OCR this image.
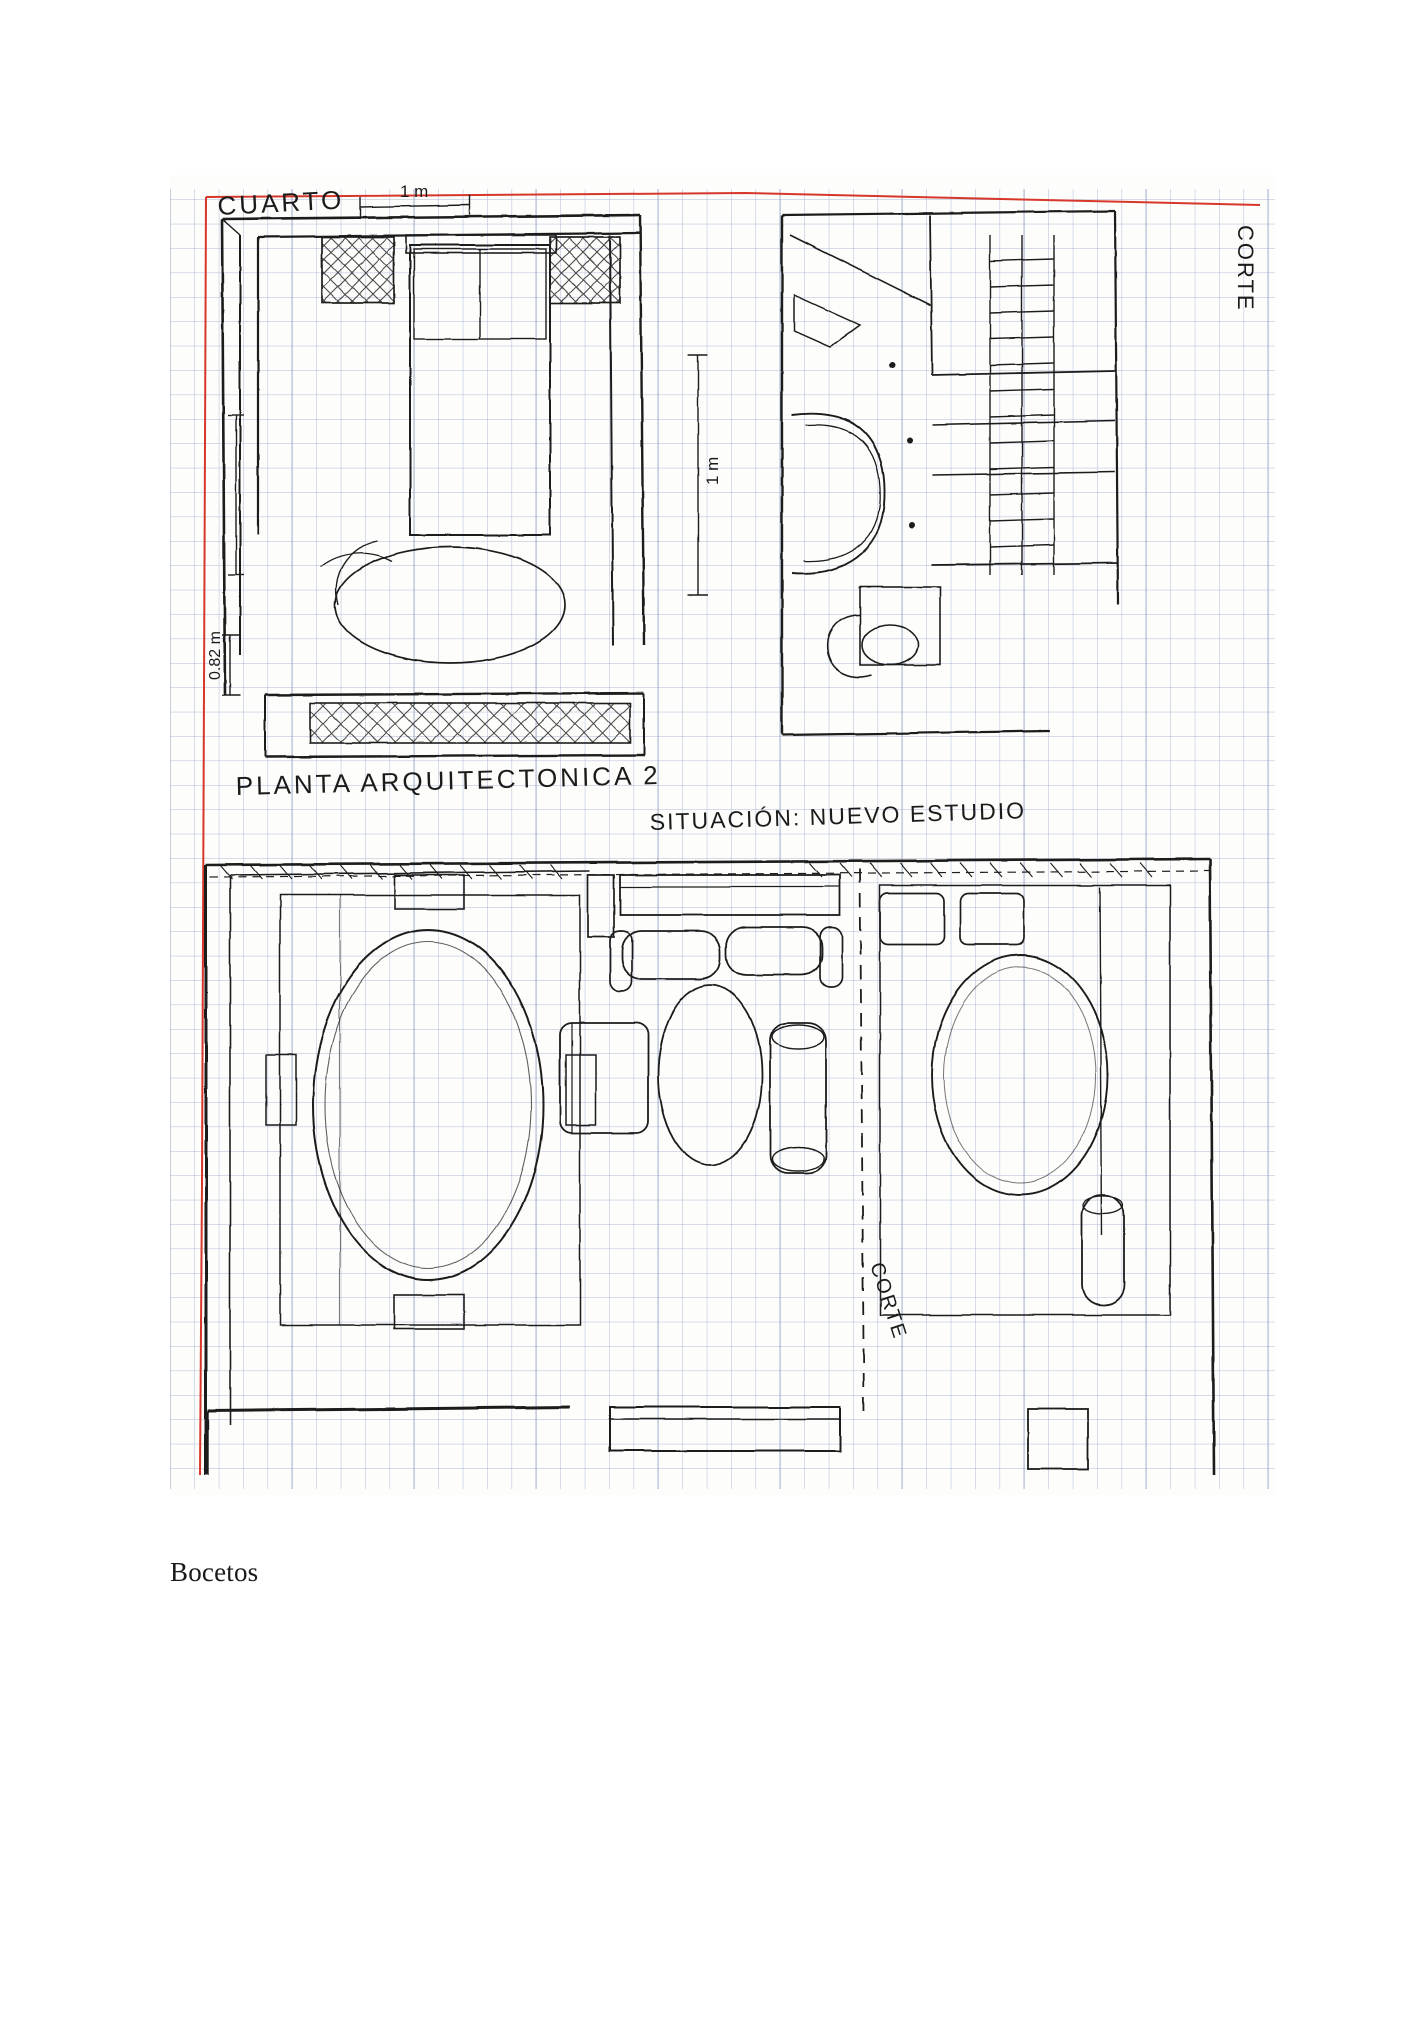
CUARTO	1 m
1 m
0.82 m
CORTE
PLANTA ARQUITECTONICA 2
SITUACIÓN: NUEVO ESTUDIO
CORTE
Bocetos
